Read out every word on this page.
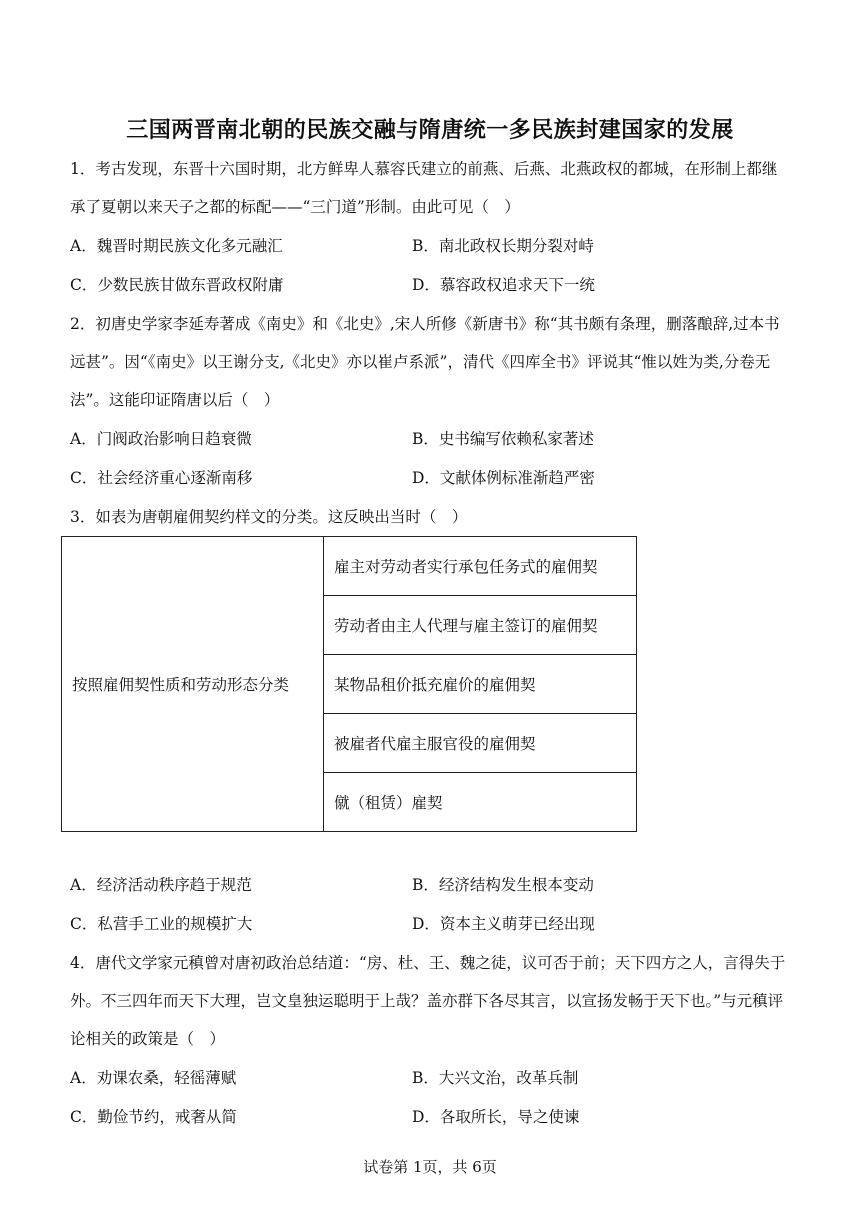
三国两晋南北朝的民族交融与隋唐统一多民族封建国家的发展
1．考古发现，东晋十六国时期，北方鲜卑人慕容氏建立的前燕、后燕、北燕政权的都城，在形制上都继承了夏朝以来天子之都的标配——“三门道”形制。由此可见（　）
A．魏晋时期民族文化多元融汇	B．南北政权长期分裂对峙
C．少数民族甘做东晋政权附庸	D．慕容政权追求天下一统
2．初唐史学家李延寿著成《南史》和《北史》,宋人所修《新唐书》称“其书颇有条理，删落酿辞,过本书远甚”。因“《南史》以王谢分支,《北史》亦以崔卢系派”，清代《四库全书》评说其“惟以姓为类,分卷无法”。这能印证隋唐以后（　）
A．门阀政治影响日趋衰微	B．史书编写依赖私家著述
C．社会经济重心逐渐南移	D．文献体例标准渐趋严密
3．如表为唐朝雇佣契约样文的分类。这反映出当时（　）
按照雇佣契性质和劳动形态分类	雇主对劳动者实行承包任务式的雇佣契
劳动者由主人代理与雇主签订的雇佣契
某物品租价抵充雇价的雇佣契
被雇者代雇主服官役的雇佣契
僦（租赁）雇契
A．经济活动秩序趋于规范	B．经济结构发生根本变动
C．私营手工业的规模扩大	D．资本主义萌芽已经出现
4．唐代文学家元稹曾对唐初政治总结道：“房、杜、王、魏之徒，议可否于前；天下四方之人，言得失于外。不三四年而天下大理，岂文皇独运聪明于上哉？盖亦群下各尽其言，以宣扬发畅于天下也。”与元稹评论相关的政策是（　）
A．劝课农桑，轻徭薄赋	B．大兴文治，改革兵制
C．勤俭节约，戒奢从简	D．各取所长，导之使谏
试卷第 1页，共 6页
